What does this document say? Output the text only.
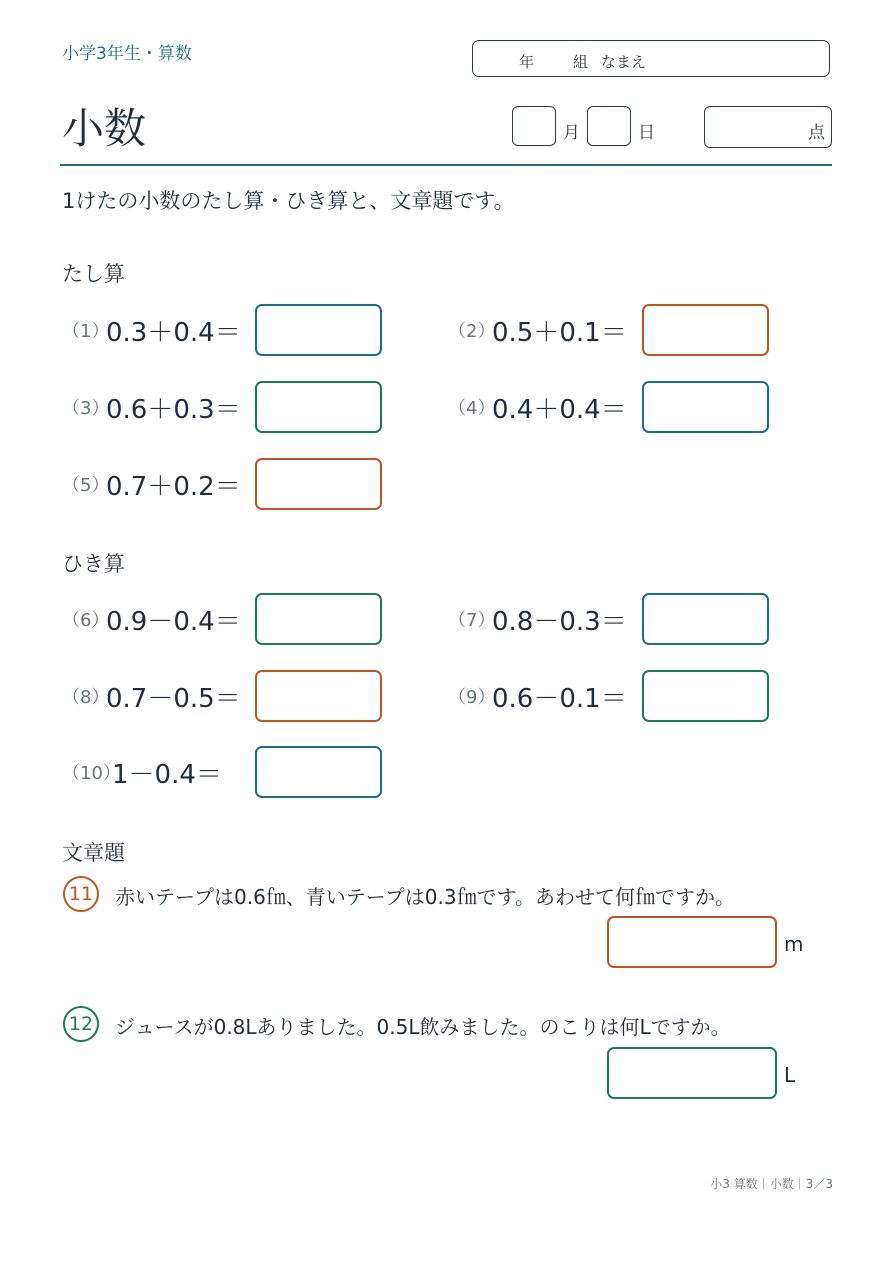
小学3年生・算数	年	組 なまえ
小数	月	日	点
1けたの小数のたし算・ひき算と、文章題です。
たし算
（1）
0.3＋0.4＝	（2）
0.5＋0.1＝
（3）
0.6＋0.3＝	（4）
0.4＋0.4＝
（5）
0.7＋0.2＝
ひき算
（6）
0.9－0.4＝	（7）
0.8－0.3＝
（8）
0.7－0.5＝	（9）
0.6－0.1＝
（10）
1－0.4＝
文章題
11 赤いテープは0.6㎙、青いテープは0.3㎙です。あわせて何㎙ですか。
m
12 ジュースが0.8Lありました。0.5L飲みました。のこりは何Lですか。
L
小3 算数｜小数｜3／3
